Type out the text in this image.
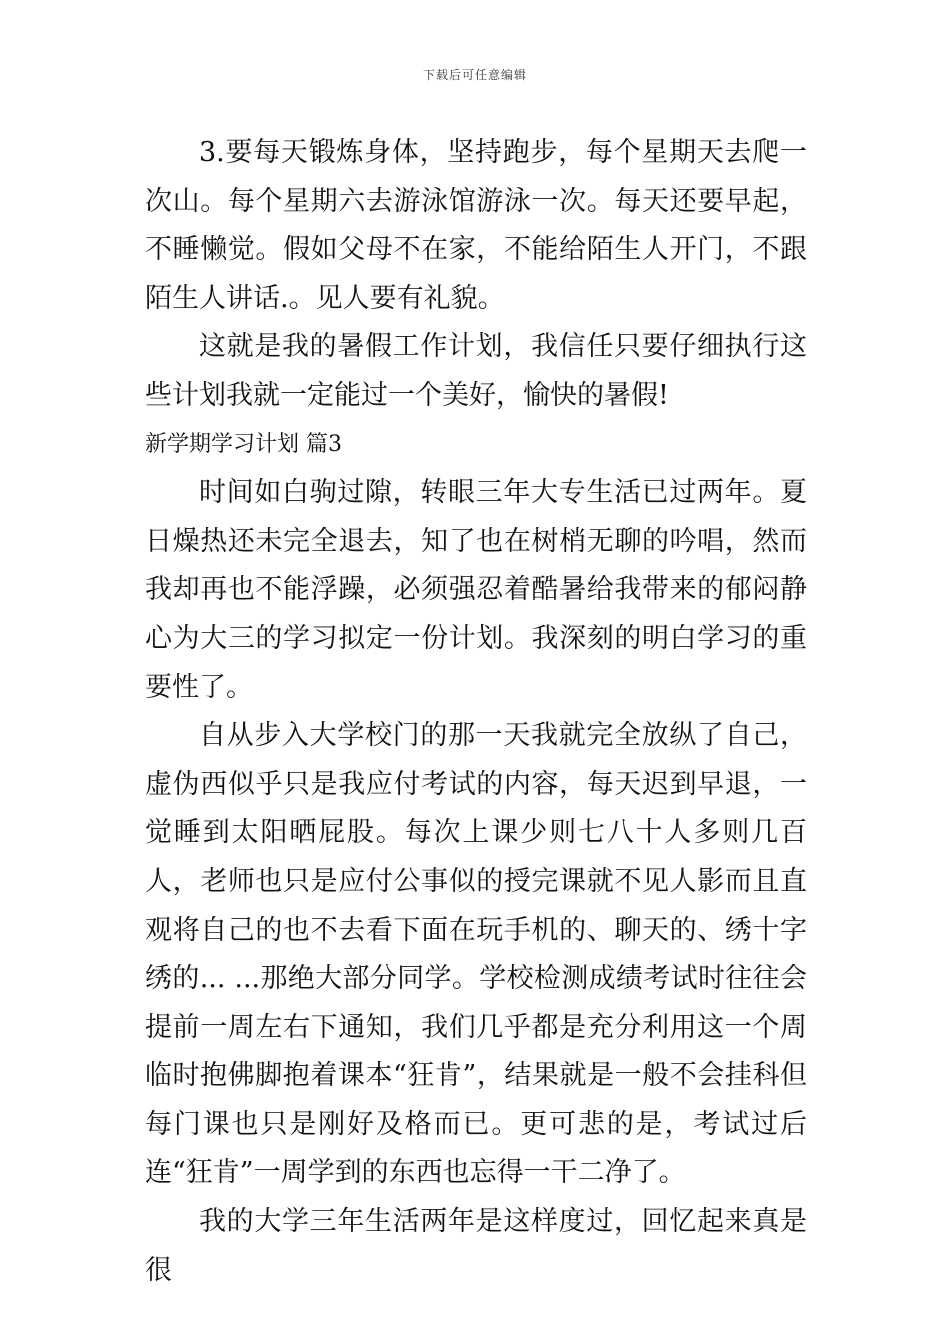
下载后可任意编辑

3.要每天锻炼身体，坚持跑步，每个星期天去爬一次山。每个星期六去游泳馆游泳一次。每天还要早起，不睡懒觉。假如父母不在家，不能给陌生人开门，不跟陌生人讲话.。见人要有礼貌。

这就是我的暑假工作计划，我信任只要仔细执行这些计划我就一定能过一个美好，愉快的暑假!

新学期学习计划 篇3

时间如白驹过隙，转眼三年大专生活已过两年。夏日燥热还未完全退去，知了也在树梢无聊的吟唱，然而我却再也不能浮躁，必须强忍着酷暑给我带来的郁闷静心为大三的学习拟定一份计划。我深刻的明白学习的重要性了。

自从步入大学校门的那一天我就完全放纵了自己，虚伪西似乎只是我应付考试的内容，每天迟到早退，一觉睡到太阳晒屁股。每次上课少则七八十人多则几百人，老师也只是应付公事似的授完课就不见人影而且直观将自己的也不去看下面在玩手机的、聊天的、绣十字绣的... ...那绝大部分同学。学校检测成绩考试时往往会提前一周左右下通知，我们几乎都是充分利用这一个周临时抱佛脚抱着课本“狂肯”，结果就是一般不会挂科但每门课也只是刚好及格而已。更可悲的是，考试过后连“狂肯”一周学到的东西也忘得一干二净了。

我的大学三年生活两年是这样度过，回忆起来真是很
